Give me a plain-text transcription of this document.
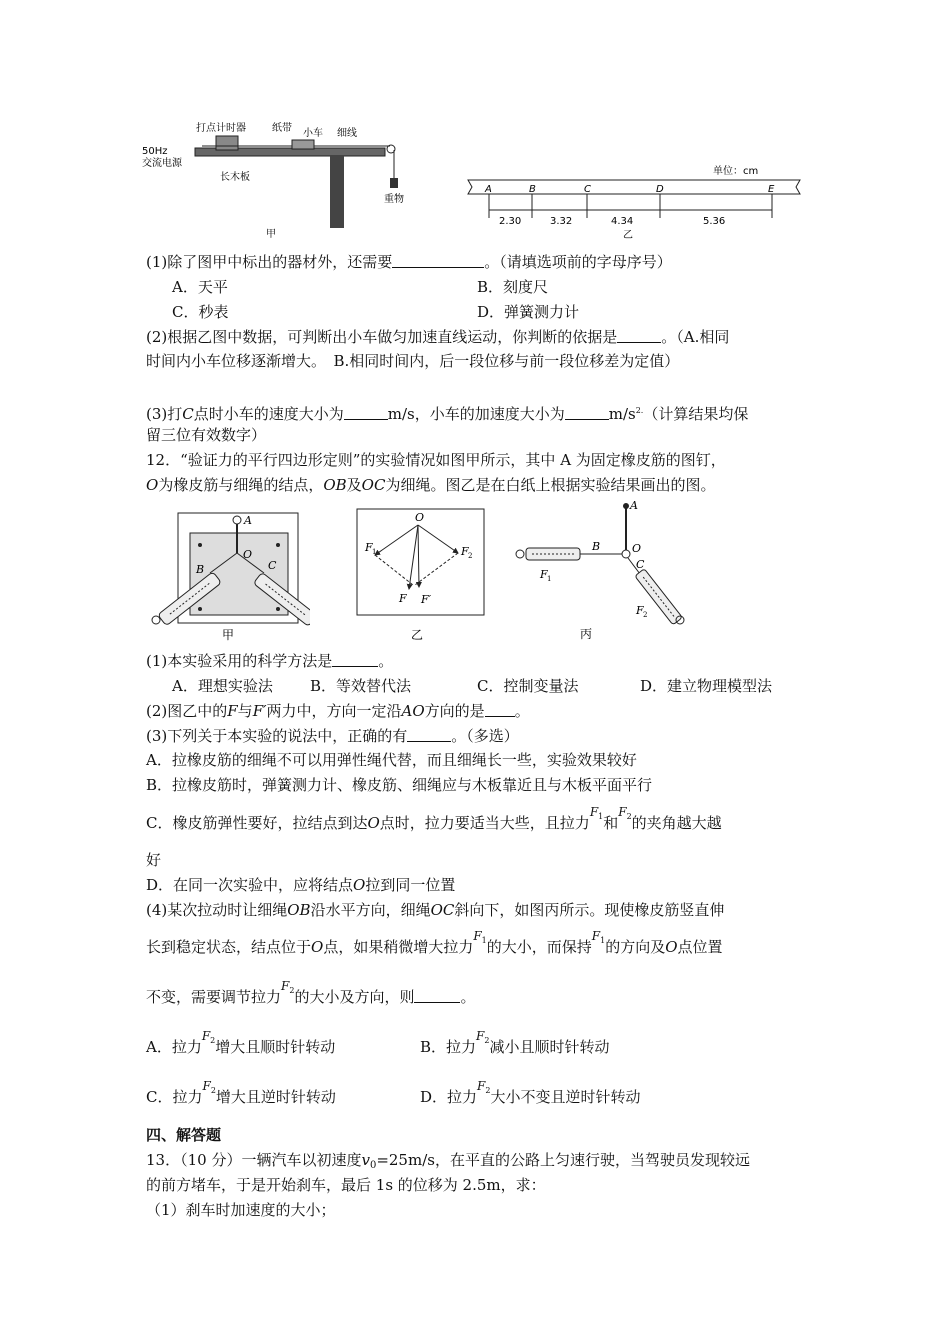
打点计时器	纸带 小车 细线
50Hz
交流电源
长木板
重物
甲
单位：cm
A	B	C	D	E
2.30	3.32	4.34	5.36
乙
(1)除了图甲中标出的器材外，还需要	。（请填选项前的字母序号）
A．天平	B．刻度尺
C．秒表	D．弹簧测力计
(2)根据乙图中数据，可判断出小车做匀加速直线运动，你判断的依据是	。（A.相同
时间内小车位移逐渐增大。　B.相同时间内，后一段位移与前一段位移差为定值）
(3)打C点时小车的速度大小为	m/s，小车的加速度大小为	$m/s^{2.}$（计算结果均保
留三位有效数字）
12．“验证力的平行四边形定则”的实验情况如图甲所示，其中 A 为固定橡皮筋的图钉，
O为橡皮筋与细绳的结点，OB及OC为细绳。图乙是在白纸上根据实验结果画出的图。
A
O
B	C
甲
O
F 1	F 2
F F′
乙
A
B	O
C
F 1
F 2
丙
(1)本实验采用的科学方法是	。
A．理想实验法 B．等效替代法	C．控制变量法	D．建立物理模型法
(2)图乙中的F与F′两力中，方向一定沿AO方向的是 。
(3)下列关于本实验的说法中，正确的有	。（多选）
A．拉橡皮筋的细绳不可以用弹性绳代替，而且细绳长一些，实验效果较好
B．拉橡皮筋时，弹簧测力计、橡皮筋、细绳应与木板靠近且与木板平面平行
C．橡皮筋弹性要好，拉结点到达O点时，拉力要适当大些，且拉力$^{F1}$和$^{F2}$的夹角越大越
好
D．在同一次实验中，应将结点O拉到同一位置
(4)某次拉动时让细绳OB沿水平方向，细绳OC斜向下，如图丙所示。现使橡皮筋竖直伸
长到稳定状态，结点位于O点，如果稍微增大拉力$^{F1}$的大小，而保持$^{F1}$的方向及O点位置
不变，需要调节拉力$^{F2}$的大小及方向，则	。
A．拉力$^{F2}$增大且顺时针转动	B．拉力$^{F2}$减小且顺时针转动
C．拉力$^{F2}$增大且逆时针转动	D．拉力$^{F2}$大小不变且逆时针转动
四、解答题
13．（10 分）一辆汽车以初速度$v_0=25m/s$，在平直的公路上匀速行驶，当驾驶员发现较远
的前方堵车，于是开始刹车，最后 1s 的位移为 2.5m，求：
（1）刹车时加速度的大小；
